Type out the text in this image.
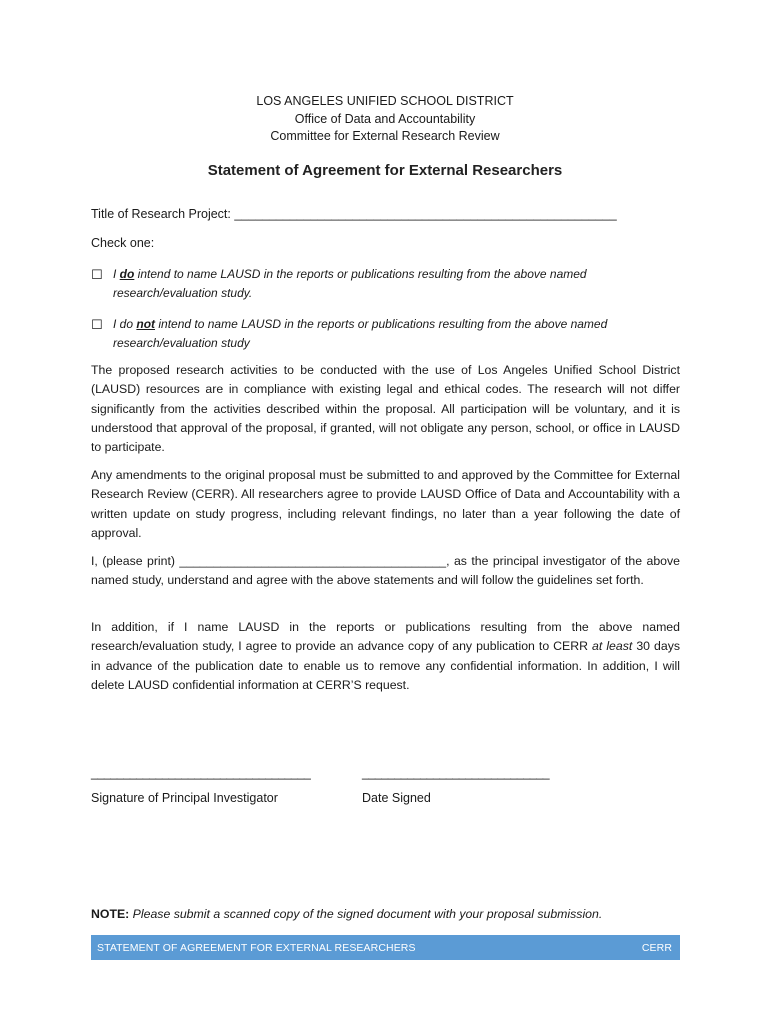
LOS ANGELES UNIFIED SCHOOL DISTRICT
Office of Data and Accountability
Committee for External Research Review
Statement of Agreement for External Researchers
Title of Research Project: _______________________________________________________
Check one:
☐ I do intend to name LAUSD in the reports or publications resulting from the above named research/evaluation study.
☐ I do not intend to name LAUSD in the reports or publications resulting from the above named research/evaluation study
The proposed research activities to be conducted with the use of Los Angeles Unified School District (LAUSD) resources are in compliance with existing legal and ethical codes. The research will not differ significantly from the activities described within the proposal. All participation will be voluntary, and it is understood that approval of the proposal, if granted, will not obligate any person, school, or office in LAUSD to participate.
Any amendments to the original proposal must be submitted to and approved by the Committee for External Research Review (CERR). All researchers agree to provide LAUSD Office of Data and Accountability with a written update on study progress, including relevant findings, no later than a year following the date of approval.
I, (please print) _______________________________________, as the principal investigator of the above named study, understand and agree with the above statements and will follow the guidelines set forth.
In addition, if I name LAUSD in the reports or publications resulting from the above named research/evaluation study, I agree to provide an advance copy of any publication to CERR at least 30 days in advance of the publication date to enable us to remove any confidential information. In addition, I will delete LAUSD confidential information at CERR’S request.
__________________________________	_____________________________
Signature of Principal Investigator	Date Signed
NOTE: Please submit a scanned copy of the signed document with your proposal submission.
STATEMENT OF AGREEMENT FOR EXTERNAL RESEARCHERS	CERR
